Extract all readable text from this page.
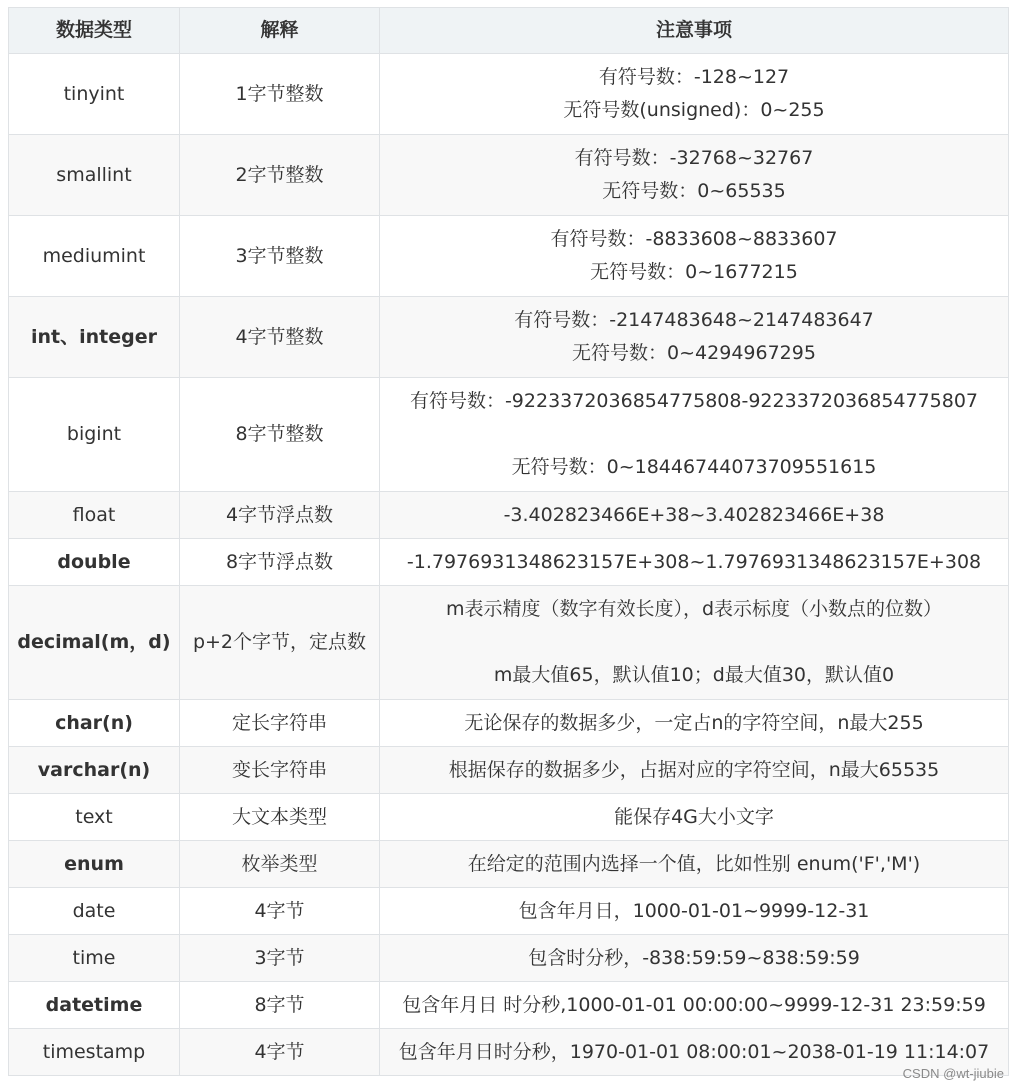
数据类型	解释	注意事项
tinyint	1字节整数	有符号数：-128~127
无符号数(unsigned)：0~255

smallint	2字节整数	有符号数：-32768~32767
无符号数：0~65535

mediumint	3字节整数	有符号数：-8833608~8833607
无符号数：0~1677215

int、integer	4字节整数	有符号数：-2147483648~2147483647
无符号数：0~4294967295

bigint	8字节整数	有符号数：-9223372036854775808-9223372036854775807
无符号数：0~18446744073709551615

float	4字节浮点数	-3.402823466E+38~3.402823466E+38

double	8字节浮点数	-1.7976931348623157E+308~1.7976931348623157E+308

decimal(m，d)	p+2个字节，定点数	m表示精度（数字有效长度），d表示标度（小数点的位数）
m最大值65，默认值10；d最大值30，默认值0

char(n)	定长字符串	无论保存的数据多少，一定占n的字符空间，n最大255

varchar(n)	变长字符串	根据保存的数据多少，占据对应的字符空间，n最大65535

text	大文本类型	能保存4G大小文字

enum	枚举类型	在给定的范围内选择一个值，比如性别 enum('F','M')

date	4字节	包含年月日，1000-01-01~9999-12-31

time	3字节	包含时分秒，-838:59:59~838:59:59

datetime	8字节	包含年月日 时分秒,1000-01-01 00:00:00~9999-12-31 23:59:59

timestamp	4字节	包含年月日时分秒，1970-01-01 08:00:01~2038-01-19 11:14:07
CSDN @wt-jiubie
